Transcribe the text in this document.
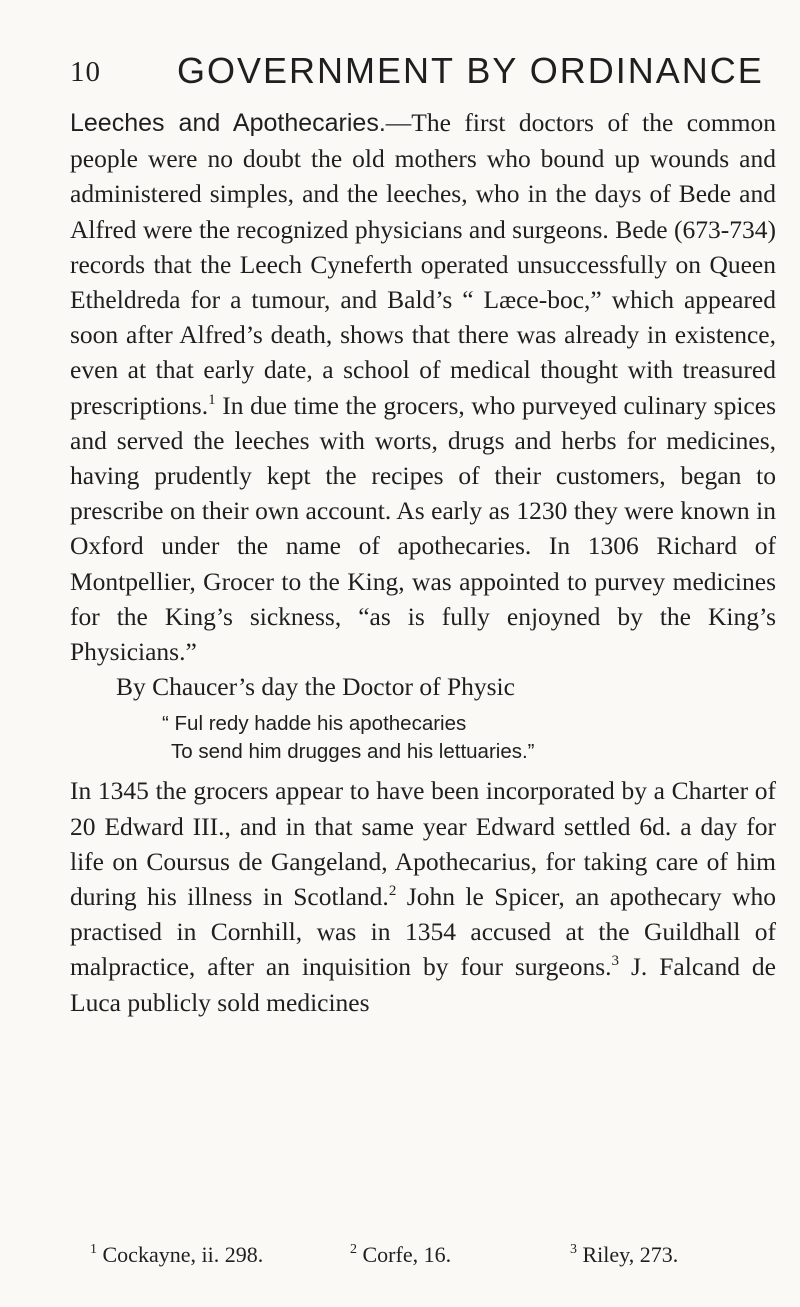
10 GOVERNMENT BY ORDINANCE

Leeches and Apothecaries.—The first doctors of the common people were no doubt the old mothers who bound up wounds and administered simples, and the leeches, who in the days of Bede and Alfred were the recognized physicians and surgeons. Bede (673-734) records that the Leech Cyneferth operated unsuccessfully on Queen Etheldreda for a tumour, and Bald’s “ Læce-boc,” which appeared soon after Alfred’s death, shows that there was already in existence, even at that early date, a school of medical thought with treasured prescriptions.$^1$ In due time the grocers, who purveyed culinary spices and served the leeches with worts, drugs and herbs for medicines, having prudently kept the recipes of their customers, began to prescribe on their own account. As early as 1230 they were known in Oxford under the name of apothecaries. In 1306 Richard of Montpellier, Grocer to the King, was appointed to purvey medicines for the King’s sickness, “as is fully enjoyned by the King’s Physicians.”

By Chaucer’s day the Doctor of Physic

“ Ful redy hadde his apothecaries
To send him drugges and his lettuaries.”

In 1345 the grocers appear to have been incorporated by a Charter of 20 Edward III., and in that same year Edward settled 6d. a day for life on Coursus de Gangeland, Apothecarius, for taking care of him during his illness in Scotland.$^2$ John le Spicer, an apothecary who practised in Cornhill, was in 1354 accused at the Guildhall of malpractice, after an inquisition by four surgeons.$^3$ J. Falcand de Luca publicly sold medicines

$^1$ Cockayne, ii. 298.	$^2$ Corfe, 16.	$^3$ Riley, 273.
